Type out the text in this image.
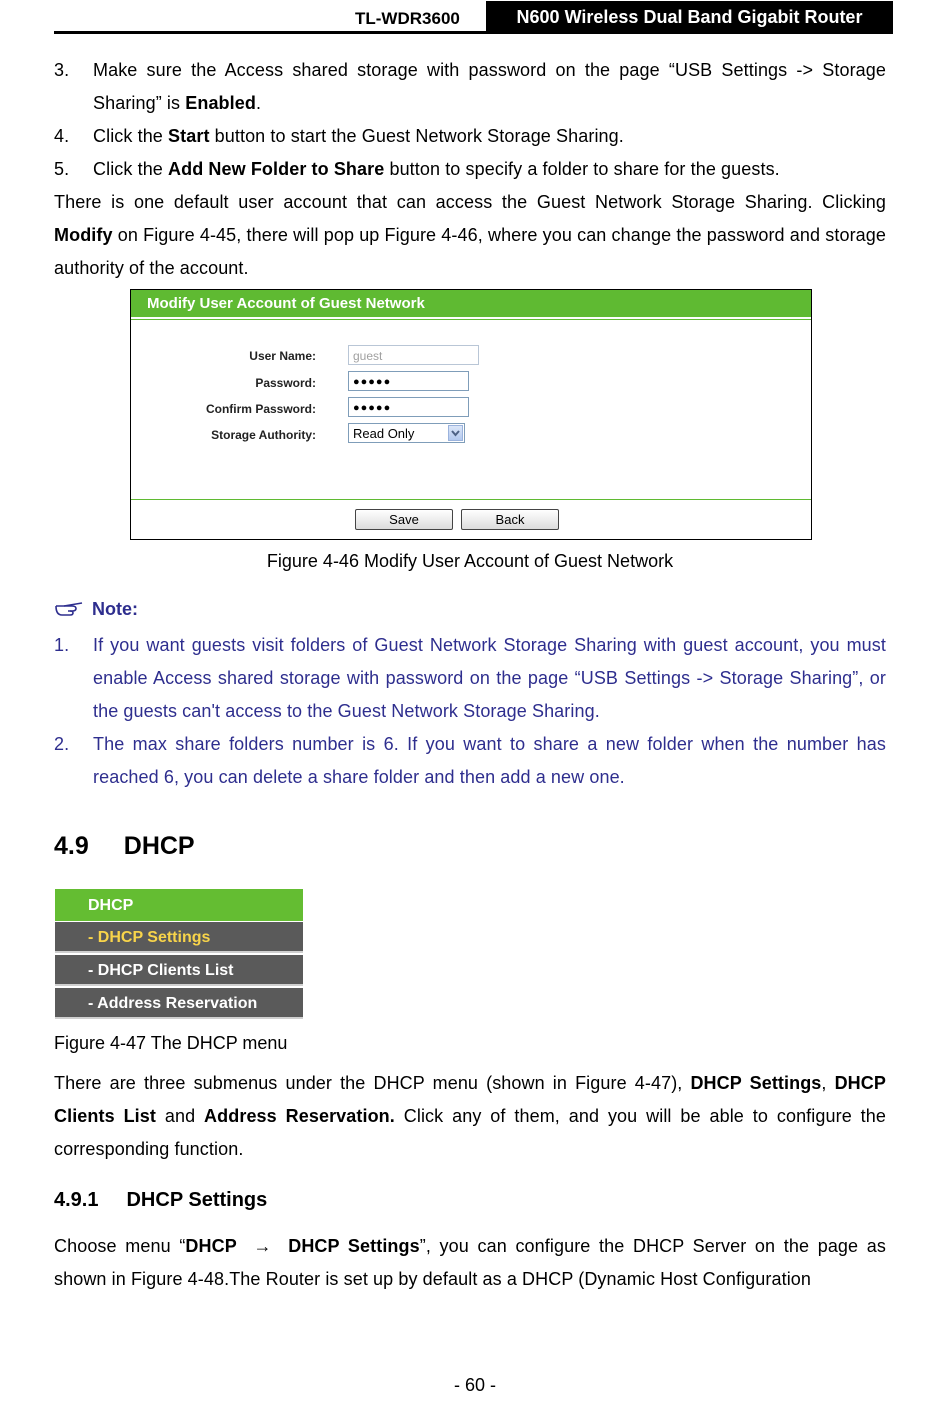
TL-WDR3600	N600 Wireless Dual Band Gigabit Router
3. Make sure the Access shared storage with password on the page “USB Settings -> Storage Sharing” is Enabled.
4. Click the Start button to start the Guest Network Storage Sharing.
5. Click the Add New Folder to Share button to specify a folder to share for the guests.
There is one default user account that can access the Guest Network Storage Sharing. Clicking Modify on Figure 4-45, there will pop up Figure 4-46, where you can change the password and storage authority of the account.
Modify User Account of Guest Network
User Name:	guest
Password:	●●●●●
Confirm Password:	●●●●●
Storage Authority:	Read Only
Save	Back
Figure 4-46 Modify User Account of Guest Network
Note:
1. If you want guests visit folders of Guest Network Storage Sharing with guest account, you must enable Access shared storage with password on the page “USB Settings -> Storage Sharing”, or the guests can't access to the Guest Network Storage Sharing.
2. The max share folders number is 6. If you want to share a new folder when the number has reached 6, you can delete a share folder and then add a new one.
4.9 DHCP
DHCP
- DHCP Settings
- DHCP Clients List
- Address Reservation
Figure 4-47 The DHCP menu
There are three submenus under the DHCP menu (shown in Figure 4-47), DHCP Settings, DHCP Clients List and Address Reservation. Click any of them, and you will be able to configure the corresponding function.
4.9.1 DHCP Settings
Choose menu “DHCP → DHCP Settings”, you can configure the DHCP Server on the page as shown in Figure 4-48.The Router is set up by default as a DHCP (Dynamic Host Configuration
- 60 -
